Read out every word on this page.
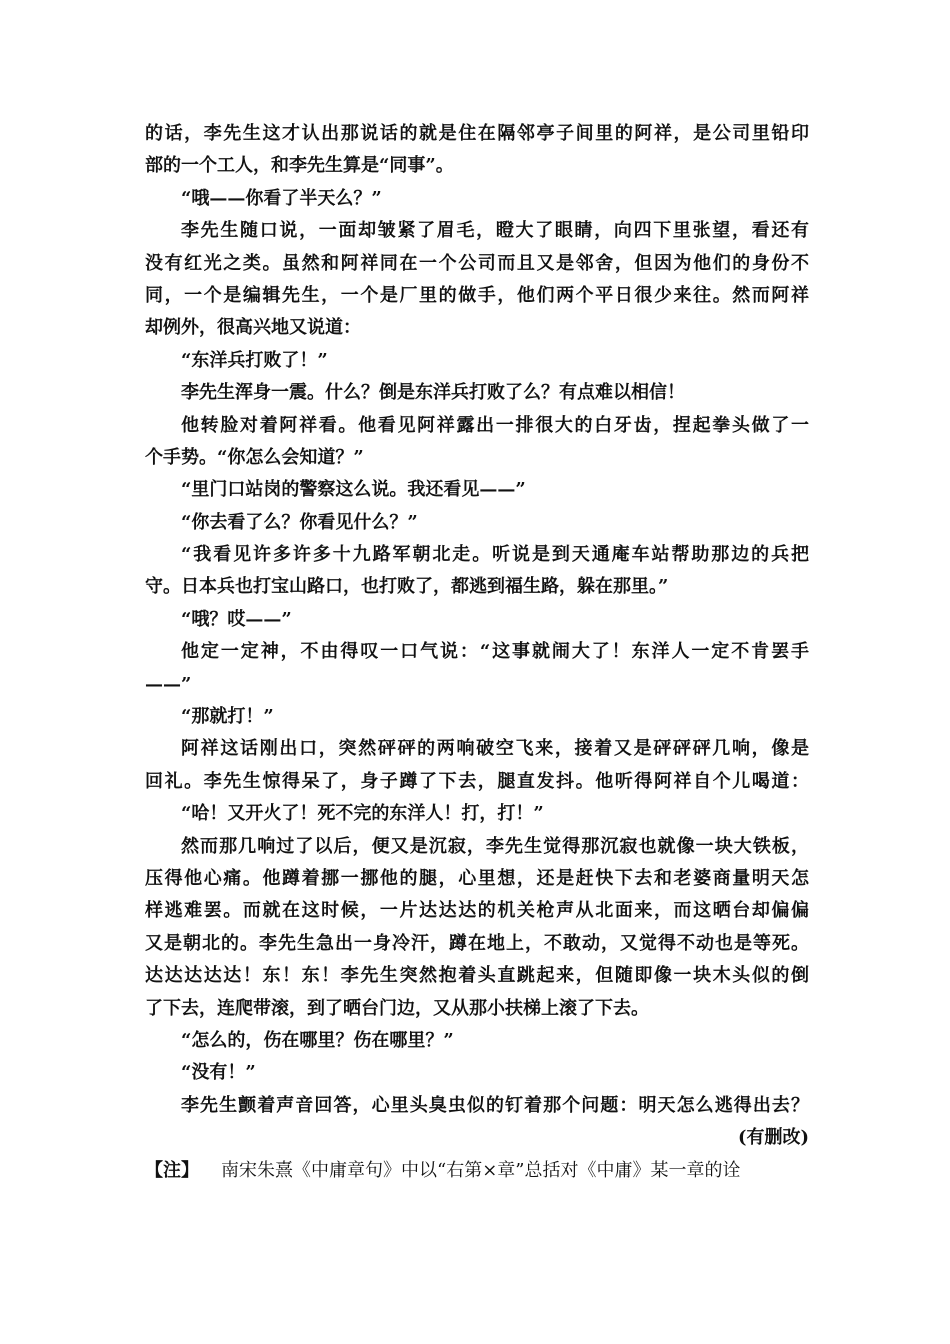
的话，李先生这才认出那说话的就是住在隔邻亭子间里的阿祥，是公司里铅印
部的一个工人，和李先生算是“同事”。
“哦——你看了半天么？”
李先生随口说，一面却皱紧了眉毛，瞪大了眼睛，向四下里张望，看还有
没有红光之类。虽然和阿祥同在一个公司而且又是邻舍，但因为他们的身份不
同，一个是编辑先生，一个是厂里的做手，他们两个平日很少来往。然而阿祥
却例外，很高兴地又说道：
“东洋兵打败了！”
李先生浑身一震。什么？倒是东洋兵打败了么？有点难以相信！
他转脸对着阿祥看。他看见阿祥露出一排很大的白牙齿，捏起拳头做了一
个手势。“你怎么会知道？”
“里门口站岗的警察这么说。我还看见——”
“你去看了么？你看见什么？”
“我看见许多许多十九路军朝北走。听说是到天通庵车站帮助那边的兵把
守。日本兵也打宝山路口，也打败了，都逃到福生路，躲在那里。”
“哦？哎——”
他定一定神，不由得叹一口气说：“这事就闹大了！东洋人一定不肯罢手
——”
“那就打！”
阿祥这话刚出口，突然砰砰的两响破空飞来，接着又是砰砰砰几响，像是
回礼。李先生惊得呆了，身子蹲了下去，腿直发抖。他听得阿祥自个儿喝道：
“哈！又开火了！死不完的东洋人！打，打！”
然而那几响过了以后，便又是沉寂，李先生觉得那沉寂也就像一块大铁板，
压得他心痛。他蹲着挪一挪他的腿，心里想，还是赶快下去和老婆商量明天怎
样逃难罢。而就在这时候，一片达达达的机关枪声从北面来，而这晒台却偏偏
又是朝北的。李先生急出一身冷汗，蹲在地上，不敢动，又觉得不动也是等死。
达达达达达！东！东！李先生突然抱着头直跳起来，但随即像一块木头似的倒
了下去，连爬带滚，到了晒台门边，又从那小扶梯上滚了下去。
“怎么的，伤在哪里？伤在哪里？”
“没有！”
李先生颤着声音回答，心里头臭虫似的钉着那个问题：明天怎么逃得出去？
(有删改)
【注】 南宋朱熹《中庸章句》中以“右第×章”总括对《中庸》某一章的诠
